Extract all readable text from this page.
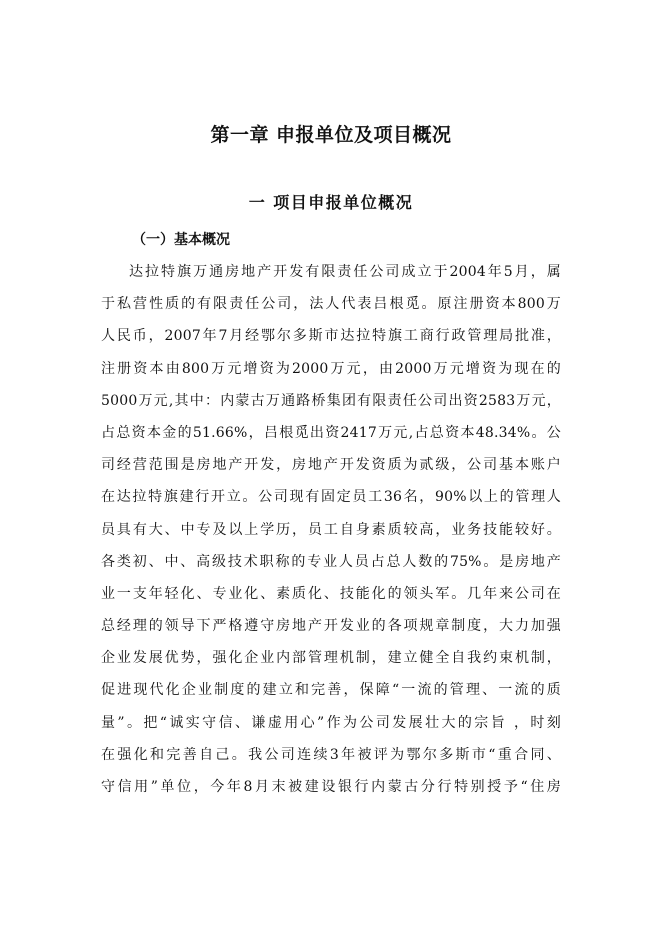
第一章 申报单位及项目概况
一 项目申报单位概况
（一）基本概况
达拉特旗万通房地产开发有限责任公司成立于2004年5月，属
于私营性质的有限责任公司，法人代表吕根觅。原注册资本800万
人民币，2007年7月经鄂尔多斯市达拉特旗工商行政管理局批准，
注册资本由800万元增资为2000万元，由2000万元增资为现在的
5000万元,其中：内蒙古万通路桥集团有限责任公司出资2583万元，
占总资本金的51.66%，吕根觅出资2417万元,占总资本48.34%。公
司经营范围是房地产开发，房地产开发资质为贰级，公司基本账户
在达拉特旗建行开立。公司现有固定员工36名，90%以上的管理人
员具有大、中专及以上学历，员工自身素质较高，业务技能较好。
各类初、中、高级技术职称的专业人员占总人数的75%。是房地产
业一支年轻化、专业化、素质化、技能化的领头军。几年来公司在
总经理的领导下严格遵守房地产开发业的各项规章制度，大力加强
企业发展优势，强化企业内部管理机制，建立健全自我约束机制，
促进现代化企业制度的建立和完善，保障“一流的管理、一流的质
量”。把“诚实守信、谦虚用心”作为公司发展壮大的宗旨 ，时刻
在强化和完善自己。我公司连续3年被评为鄂尔多斯市“重合同、
守信用”单位，今年8月末被建设银行内蒙古分行特别授予“住房
